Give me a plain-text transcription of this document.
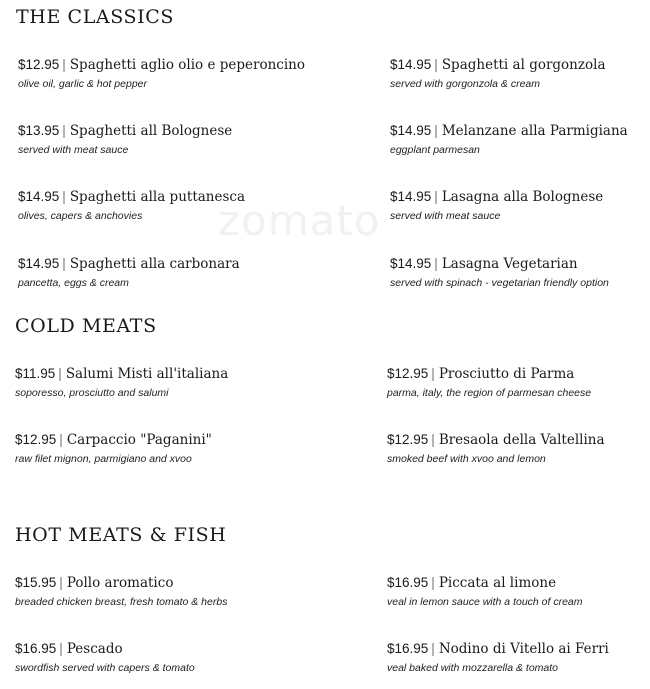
zomato
THE CLASSICS
$12.95 | Spaghetti aglio olio e peperoncino
olive oil, garlic & hot pepper
$14.95 | Spaghetti al gorgonzola
served with gorgonzola & cream
$13.95 | Spaghetti all Bolognese
served with meat sauce
$14.95 | Melanzane alla Parmigiana
eggplant parmesan
$14.95 | Spaghetti alla puttanesca
olives, capers & anchovies
$14.95 | Lasagna alla Bolognese
served with meat sauce
$14.95 | Spaghetti alla carbonara
pancetta, eggs & cream
$14.95 | Lasagna Vegetarian
served with spinach - vegetarian friendly option
COLD MEATS
$11.95 | Salumi Misti all'italiana
soporesso, prosciutto and salumi
$12.95 | Prosciutto di Parma
parma, italy, the region of parmesan cheese
$12.95 | Carpaccio "Paganini"
raw filet mignon, parmigiano and xvoo
$12.95 | Bresaola della Valtellina
smoked beef with xvoo and lemon
HOT MEATS & FISH
$15.95 | Pollo aromatico
breaded chicken breast, fresh tomato & herbs
$16.95 | Piccata al limone
veal in lemon sauce with a touch of cream
$16.95 | Pescado
swordfish served with capers & tomato
$16.95 | Nodino di Vitello ai Ferri
veal baked with mozzarella & tomato
